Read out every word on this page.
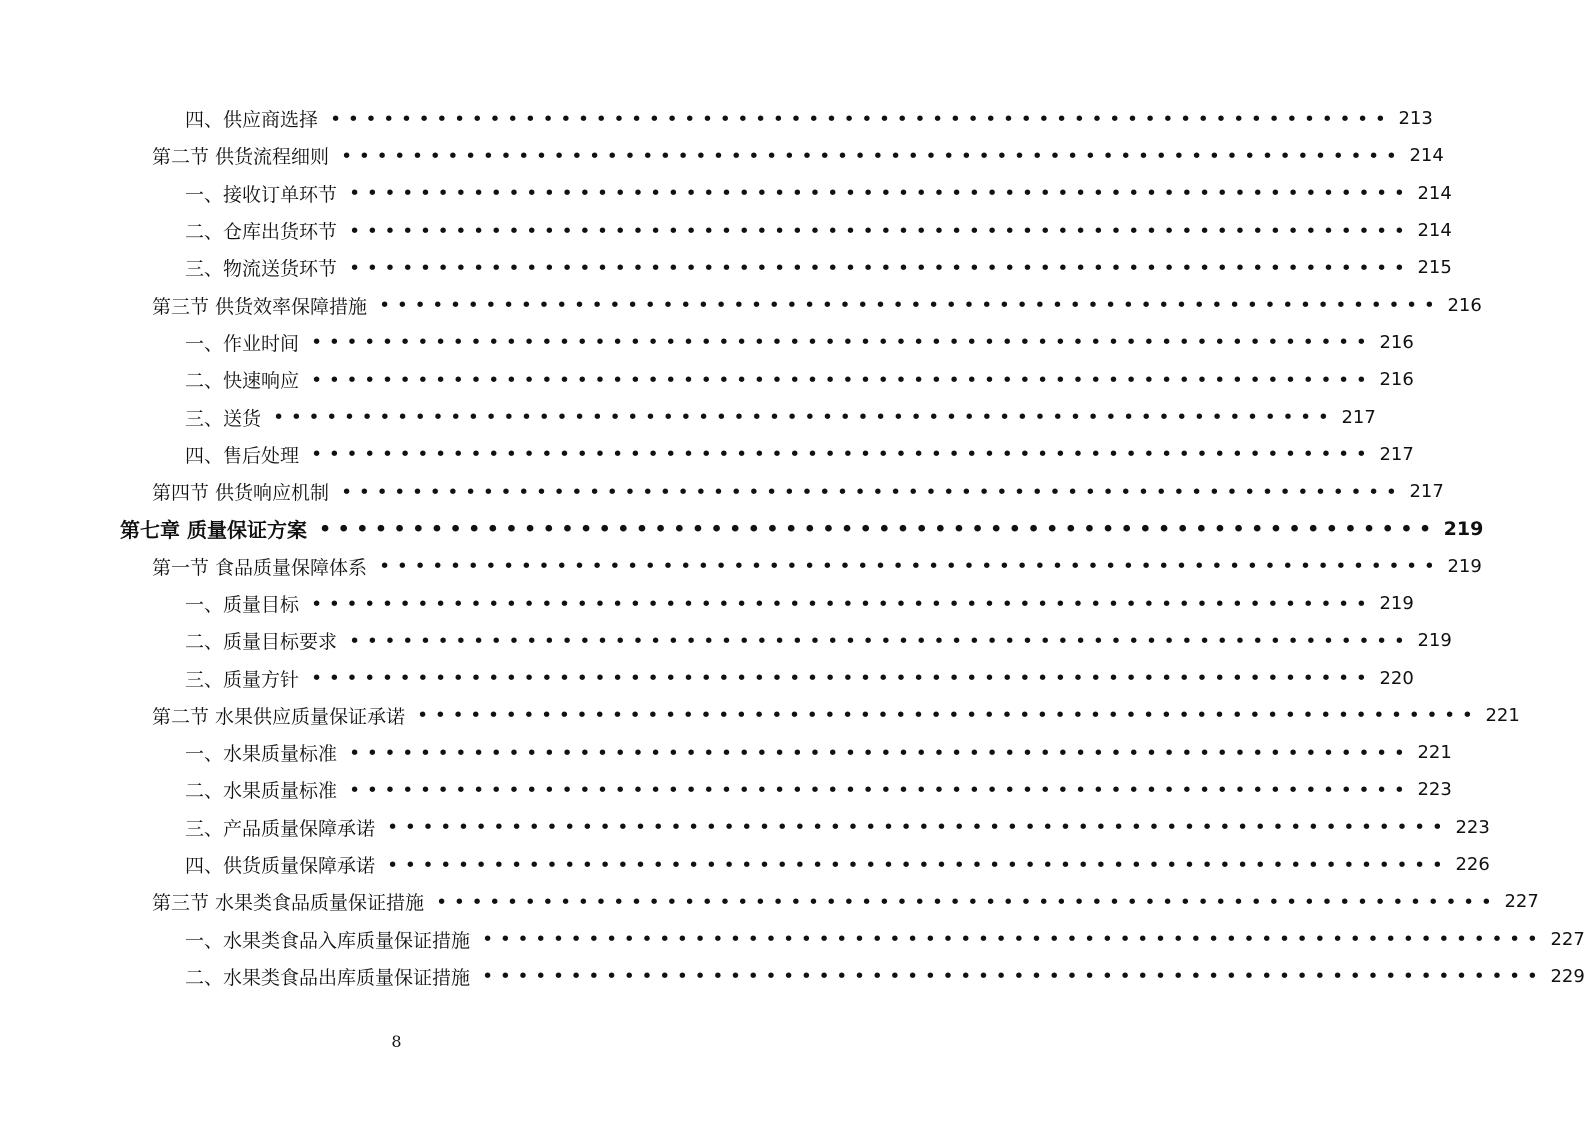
四、供应商选择 •••••••••••••••••••••••••••••••••••••••••••••••••••••••••••• 213
第二节 供货流程细则 •••••••••••••••••••••••••••••••••••••••••••••••••••••••••••• 214
一、接收订单环节 •••••••••••••••••••••••••••••••••••••••••••••••••••••••••••• 214
二、仓库出货环节 •••••••••••••••••••••••••••••••••••••••••••••••••••••••••••• 214
三、物流送货环节 •••••••••••••••••••••••••••••••••••••••••••••••••••••••••••• 215
第三节 供货效率保障措施 •••••••••••••••••••••••••••••••••••••••••••••••••••••••••••• 216
一、作业时间 •••••••••••••••••••••••••••••••••••••••••••••••••••••••••••• 216
二、快速响应 •••••••••••••••••••••••••••••••••••••••••••••••••••••••••••• 216
三、送货 •••••••••••••••••••••••••••••••••••••••••••••••••••••••••••• 217
四、售后处理 •••••••••••••••••••••••••••••••••••••••••••••••••••••••••••• 217
第四节 供货响应机制 •••••••••••••••••••••••••••••••••••••••••••••••••••••••••••• 217
第七章 质量保证方案 •••••••••••••••••••••••••••••••••••••••••••••••••••••••••••• 219
第一节 食品质量保障体系 •••••••••••••••••••••••••••••••••••••••••••••••••••••••••••• 219
一、质量目标 •••••••••••••••••••••••••••••••••••••••••••••••••••••••••••• 219
二、质量目标要求 •••••••••••••••••••••••••••••••••••••••••••••••••••••••••••• 219
三、质量方针 •••••••••••••••••••••••••••••••••••••••••••••••••••••••••••• 220
第二节 水果供应质量保证承诺 •••••••••••••••••••••••••••••••••••••••••••••••••••••••••••• 221
一、水果质量标准 •••••••••••••••••••••••••••••••••••••••••••••••••••••••••••• 221
二、水果质量标准 •••••••••••••••••••••••••••••••••••••••••••••••••••••••••••• 223
三、产品质量保障承诺 •••••••••••••••••••••••••••••••••••••••••••••••••••••••••••• 223
四、供货质量保障承诺 •••••••••••••••••••••••••••••••••••••••••••••••••••••••••••• 226
第三节 水果类食品质量保证措施 •••••••••••••••••••••••••••••••••••••••••••••••••••••••••••• 227
一、水果类食品入库质量保证措施 •••••••••••••••••••••••••••••••••••••••••••••••••••••••••••• 227
二、水果类食品出库质量保证措施 •••••••••••••••••••••••••••••••••••••••••••••••••••••••••••• 229
8
